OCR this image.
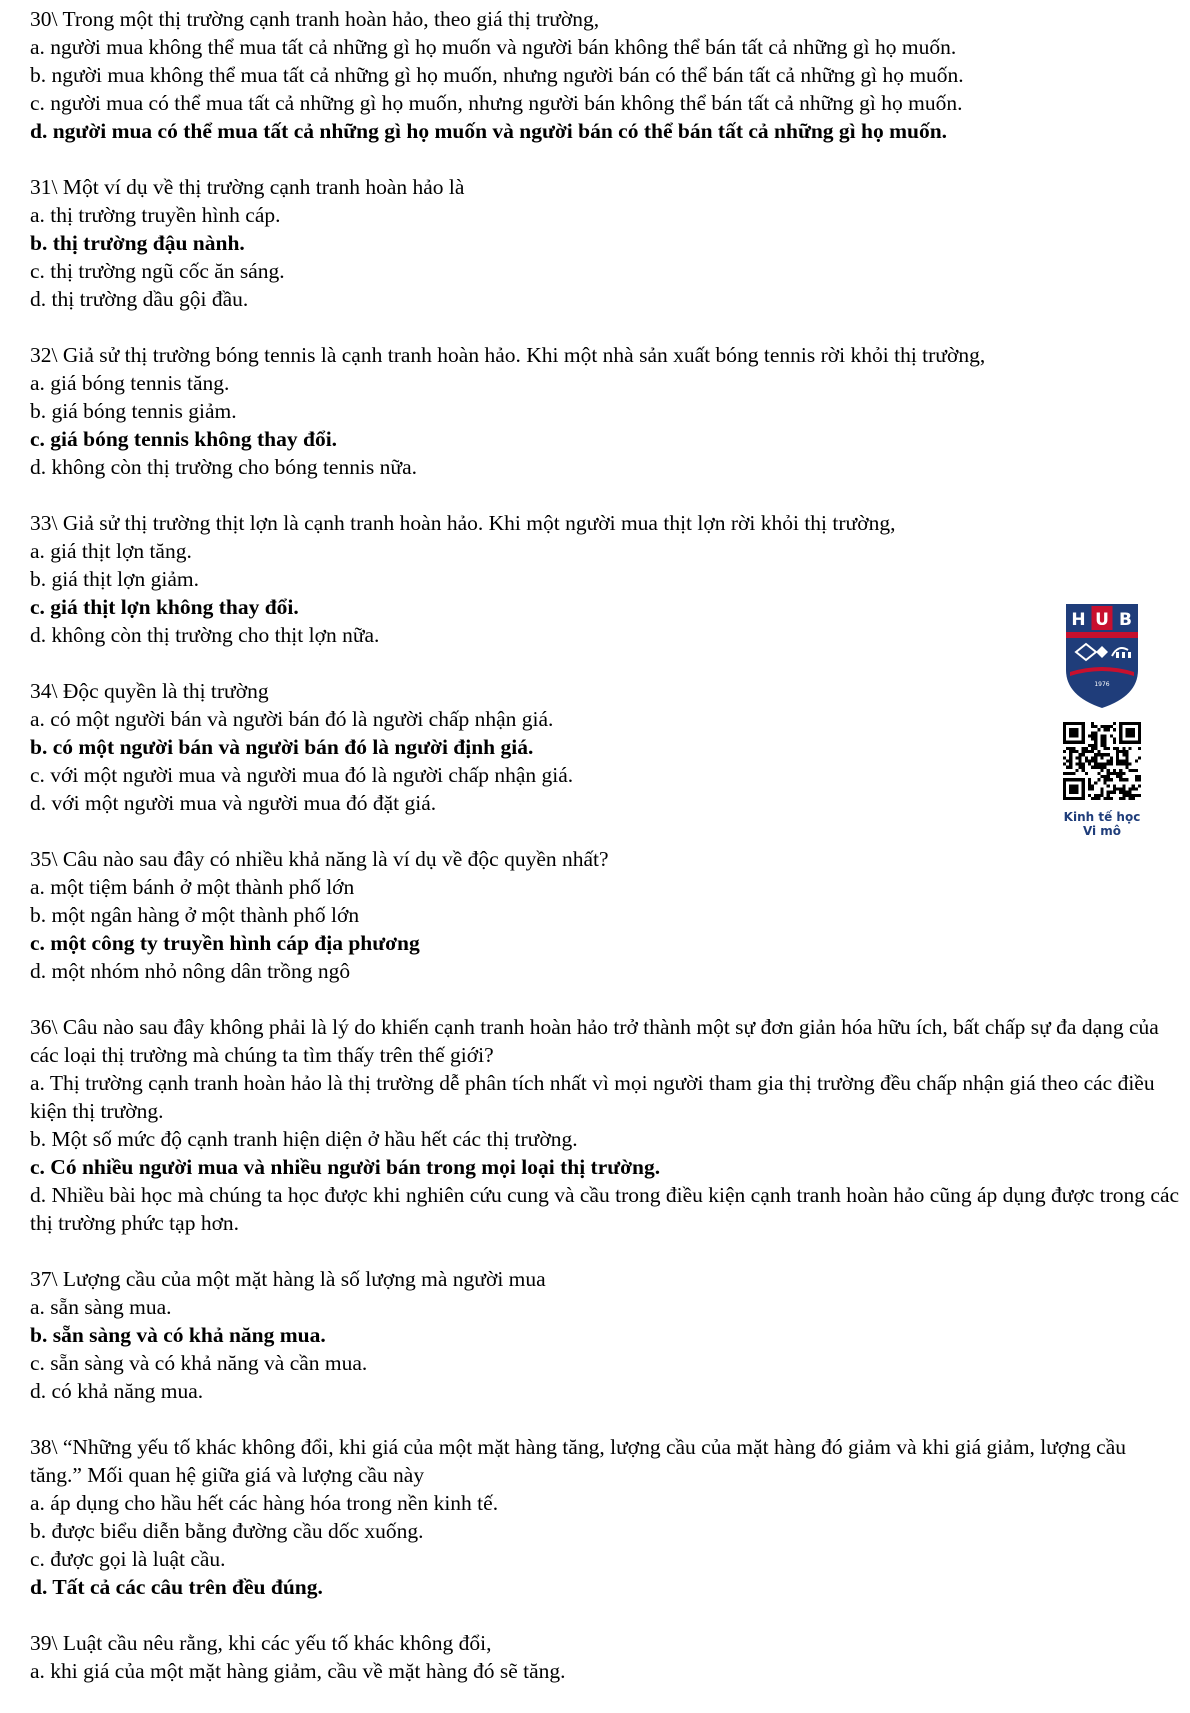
30\ Trong một thị trường cạnh tranh hoàn hảo, theo giá thị trường,

a. người mua không thể mua tất cả những gì họ muốn và người bán không thể bán tất cả những gì họ muốn.

b. người mua không thể mua tất cả những gì họ muốn, nhưng người bán có thể bán tất cả những gì họ muốn.

c. người mua có thể mua tất cả những gì họ muốn, nhưng người bán không thể bán tất cả những gì họ muốn.

d. người mua có thể mua tất cả những gì họ muốn và người bán có thể bán tất cả những gì họ muốn.

31\ Một ví dụ về thị trường cạnh tranh hoàn hảo là

a. thị trường truyền hình cáp.

b. thị trường đậu nành.

c. thị trường ngũ cốc ăn sáng.

d. thị trường dầu gội đầu.

32\ Giả sử thị trường bóng tennis là cạnh tranh hoàn hảo. Khi một nhà sản xuất bóng tennis rời khỏi thị trường,

a. giá bóng tennis tăng.

b. giá bóng tennis giảm.

c. giá bóng tennis không thay đổi.

d. không còn thị trường cho bóng tennis nữa.

33\ Giả sử thị trường thịt lợn là cạnh tranh hoàn hảo. Khi một người mua thịt lợn rời khỏi thị trường,

a. giá thịt lợn tăng.

b. giá thịt lợn giảm.

c. giá thịt lợn không thay đổi.

d. không còn thị trường cho thịt lợn nữa.

34\ Độc quyền là thị trường

a. có một người bán và người bán đó là người chấp nhận giá.

b. có một người bán và người bán đó là người định giá.

c. với một người mua và người mua đó là người chấp nhận giá.

d. với một người mua và người mua đó đặt giá.

35\ Câu nào sau đây có nhiều khả năng là ví dụ về độc quyền nhất?

a. một tiệm bánh ở một thành phố lớn

b. một ngân hàng ở một thành phố lớn

c. một công ty truyền hình cáp địa phương

d. một nhóm nhỏ nông dân trồng ngô

36\ Câu nào sau đây không phải là lý do khiến cạnh tranh hoàn hảo trở thành một sự đơn giản hóa hữu ích, bất chấp sự đa dạng của các loại thị trường mà chúng ta tìm thấy trên thế giới?

a. Thị trường cạnh tranh hoàn hảo là thị trường dễ phân tích nhất vì mọi người tham gia thị trường đều chấp nhận giá theo các điều kiện thị trường.

b. Một số mức độ cạnh tranh hiện diện ở hầu hết các thị trường.

c. Có nhiều người mua và nhiều người bán trong mọi loại thị trường.

d. Nhiều bài học mà chúng ta học được khi nghiên cứu cung và cầu trong điều kiện cạnh tranh hoàn hảo cũng áp dụng được trong các thị trường phức tạp hơn.

37\ Lượng cầu của một mặt hàng là số lượng mà người mua

a. sẵn sàng mua.

b. sẵn sàng và có khả năng mua.

c. sẵn sàng và có khả năng và cần mua.

d. có khả năng mua.

38\ “Những yếu tố khác không đổi, khi giá của một mặt hàng tăng, lượng cầu của mặt hàng đó giảm và khi giá giảm, lượng cầu tăng.” Mối quan hệ giữa giá và lượng cầu này

a. áp dụng cho hầu hết các hàng hóa trong nền kinh tế.

b. được biểu diễn bằng đường cầu dốc xuống.

c. được gọi là luật cầu.

d. Tất cả các câu trên đều đúng.

39\ Luật cầu nêu rằng, khi các yếu tố khác không đổi,

a. khi giá của một mặt hàng giảm, cầu về mặt hàng đó sẽ tăng.

H U B
1976
Kinh tế học
Vi mô
